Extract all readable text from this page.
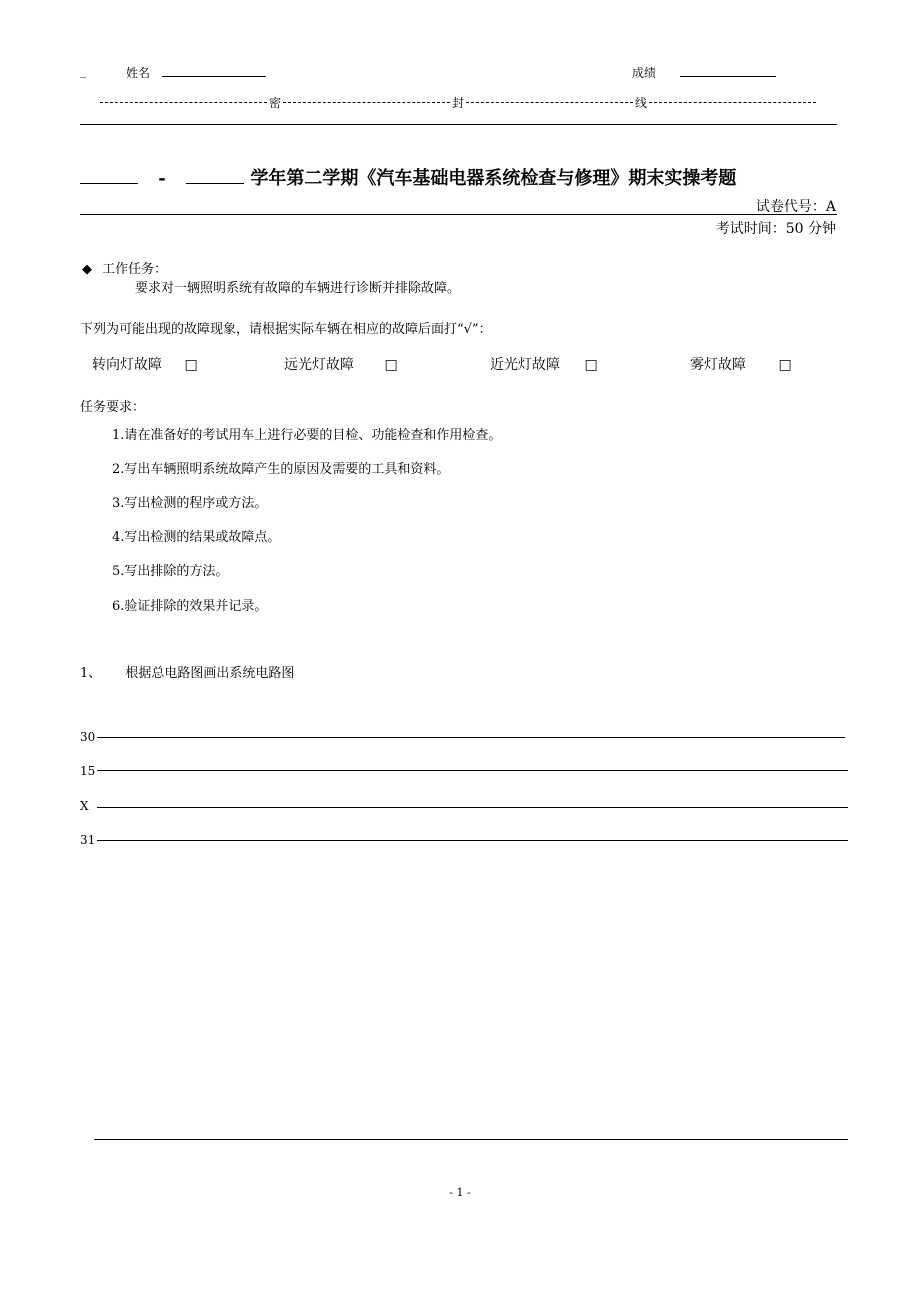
_	姓名	成绩
密	封	线
-	学年第二学期《汽车基础电器系统检查与修理》期末实操考题
试卷代号：A
考试时间：50 分钟
◆ 工作任务：
要求对一辆照明系统有故障的车辆进行诊断并排除故障。
下列为可能出现的故障现象，请根据实际车辆在相应的故障后面打“√”：
转向灯故障 □	远光灯故障 □	近光灯故障 □	雾灯故障 □
任务要求：
1.请在准备好的考试用车上进行必要的目检、功能检查和作用检查。
2.写出车辆照明系统故障产生的原因及需要的工具和资料。
3.写出检测的程序或方法。
4.写出检测的结果或故障点。
5.写出排除的方法。
6.验证排除的效果并记录。
1、 根据总电路图画出系统电路图
30
15
X
31
- 1 -
